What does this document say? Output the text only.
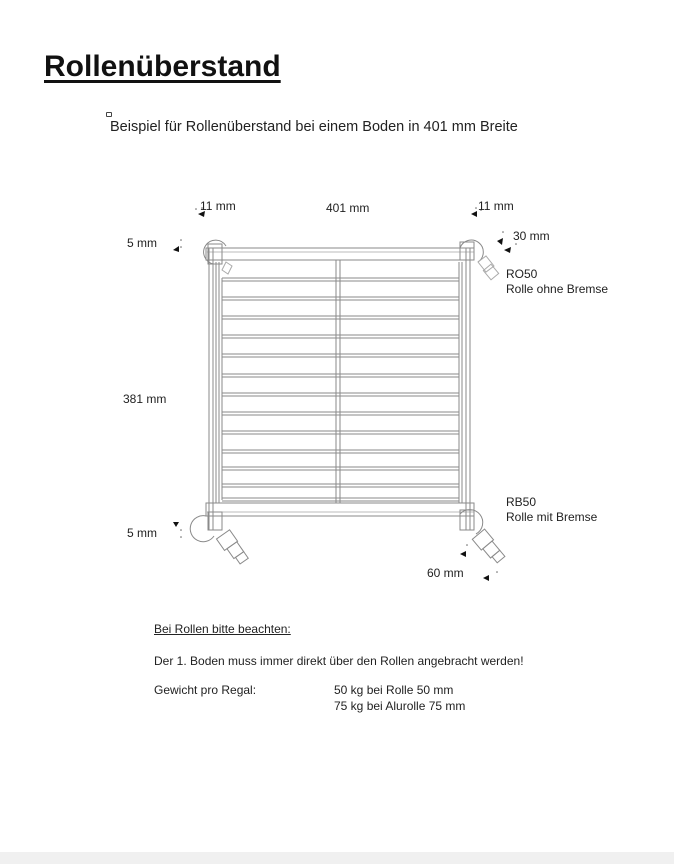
Rollenüberstand
Beispiel für Rollenüberstand bei einem Boden in 401 mm Breite
11 mm	401 mm	11 mm
5 mm	30 mm
381 mm
5 mm
60 mm
RO50
Rolle ohne Bremse
RB50
Rolle mit Bremse
Bei Rollen bitte beachten:
Der 1. Boden muss immer direkt über den Rollen angebracht werden!
Gewicht pro Regal:	50 kg bei Rolle 50 mm
75 kg bei Alurolle 75 mm
